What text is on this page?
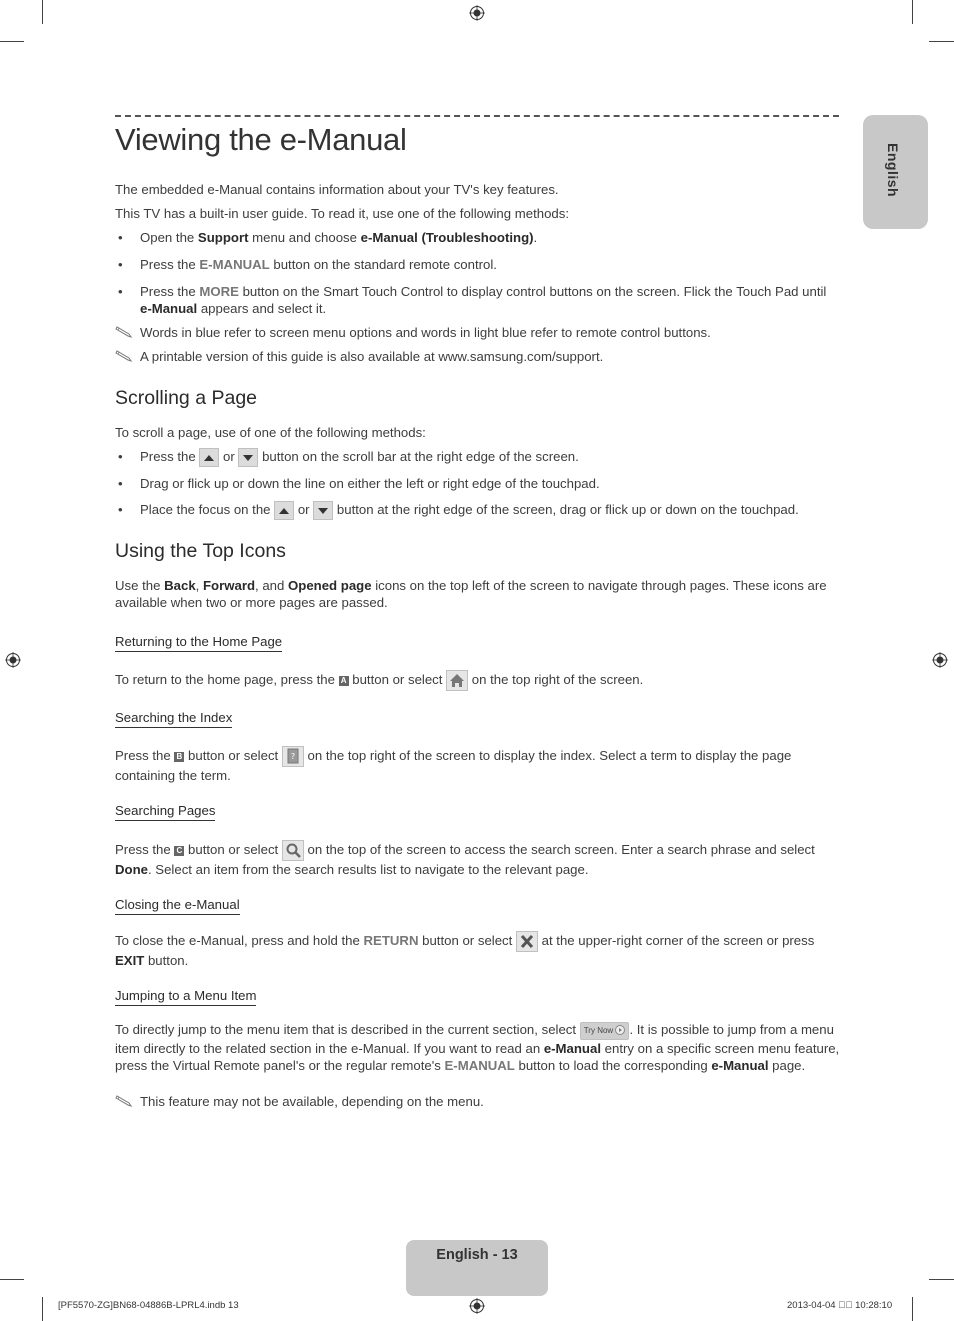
English
Viewing the e-Manual

The embedded e-Manual contains information about your TV's key features.

This TV has a built-in user guide. To read it, use one of the following methods:

• Open the Support menu and choose e-Manual (Troubleshooting).
• Press the E-MANUAL button on the standard remote control.
• Press the MORE button on the Smart Touch Control to display control buttons on the screen. Flick the Touch Pad until e-Manual appears and select it.
Words in blue refer to screen menu options and words in light blue refer to remote control buttons.
A printable version of this guide is also available at www.samsung.com/support.
Scrolling a Page

To scroll a page, use of one of the following methods:

• Press the  or  button on the scroll bar at the right edge of the screen.
• Drag or flick up or down the line on either the left or right edge of the touchpad.
• Place the focus on the  or  button at the right edge of the screen, drag or flick up or down on the touchpad.
Using the Top Icons

Use the Back, Forward, and Opened page icons on the top left of the screen to navigate through pages. These icons are available when two or more pages are passed.

Returning to the Home Page

To return to the home page, press the A button or select  on the top right of the screen.

Searching the Index

Press the B button or select ? on the top right of the screen to display the index. Select a term to display the page containing the term.

Searching Pages

Press the C button or select  on the top of the screen to access the search screen. Enter a search phrase and select Done. Select an item from the search results list to navigate to the relevant page.

Closing the e-Manual

To close the e-Manual, press and hold the RETURN button or select  at the upper-right corner of the screen or press EXIT button.

Jumping to a Menu Item

To directly jump to the menu item that is described in the current section, select Try Now . It is possible to jump from a menu item directly to the related section in the e-Manual. If you want to read an e-Manual entry on a specific screen menu feature, press the Virtual Remote panel's or the regular remote's E-MANUAL button to load the corresponding e-Manual page.

This feature may not be available, depending on the menu.
English - 13
[PF5570-ZG]BN68-04886B-LPRL4.indb 13	2013-04-04 ￿￿ 10:28:10
